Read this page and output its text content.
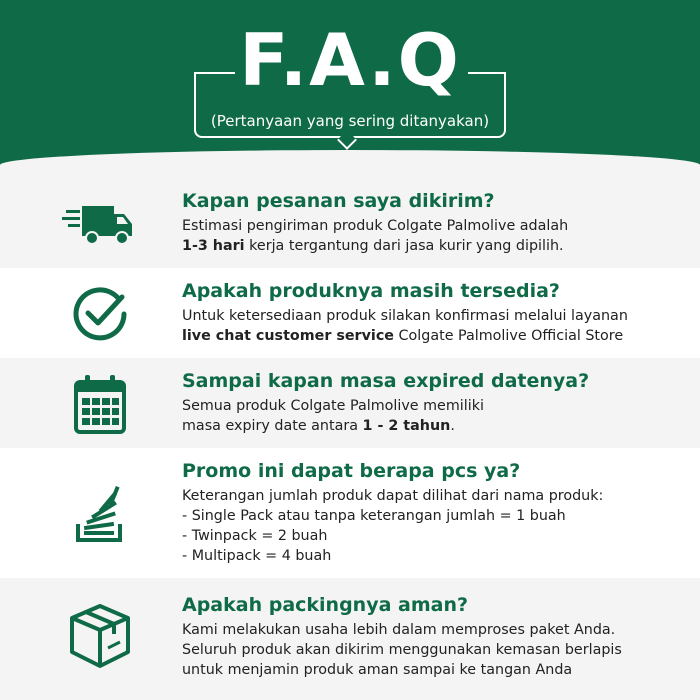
F.A.Q
(Pertanyaan yang sering ditanyakan)
Kapan pesanan saya dikirim?
Estimasi pengiriman produk Colgate Palmolive adalah
1-3 hari kerja tergantung dari jasa kurir yang dipilih.
Apakah produknya masih tersedia?
Untuk ketersediaan produk silakan konfirmasi melalui layanan
live chat customer service Colgate Palmolive Official Store
Sampai kapan masa expired datenya?
Semua produk Colgate Palmolive memiliki
masa expiry date antara 1 - 2 tahun.
Promo ini dapat berapa pcs ya?
Keterangan jumlah produk dapat dilihat dari nama produk:
- Single Pack atau tanpa keterangan jumlah = 1 buah
- Twinpack = 2 buah
- Multipack = 4 buah
Apakah packingnya aman?
Kami melakukan usaha lebih dalam memproses paket Anda.
Seluruh produk akan dikirim menggunakan kemasan berlapis
untuk menjamin produk aman sampai ke tangan Anda
